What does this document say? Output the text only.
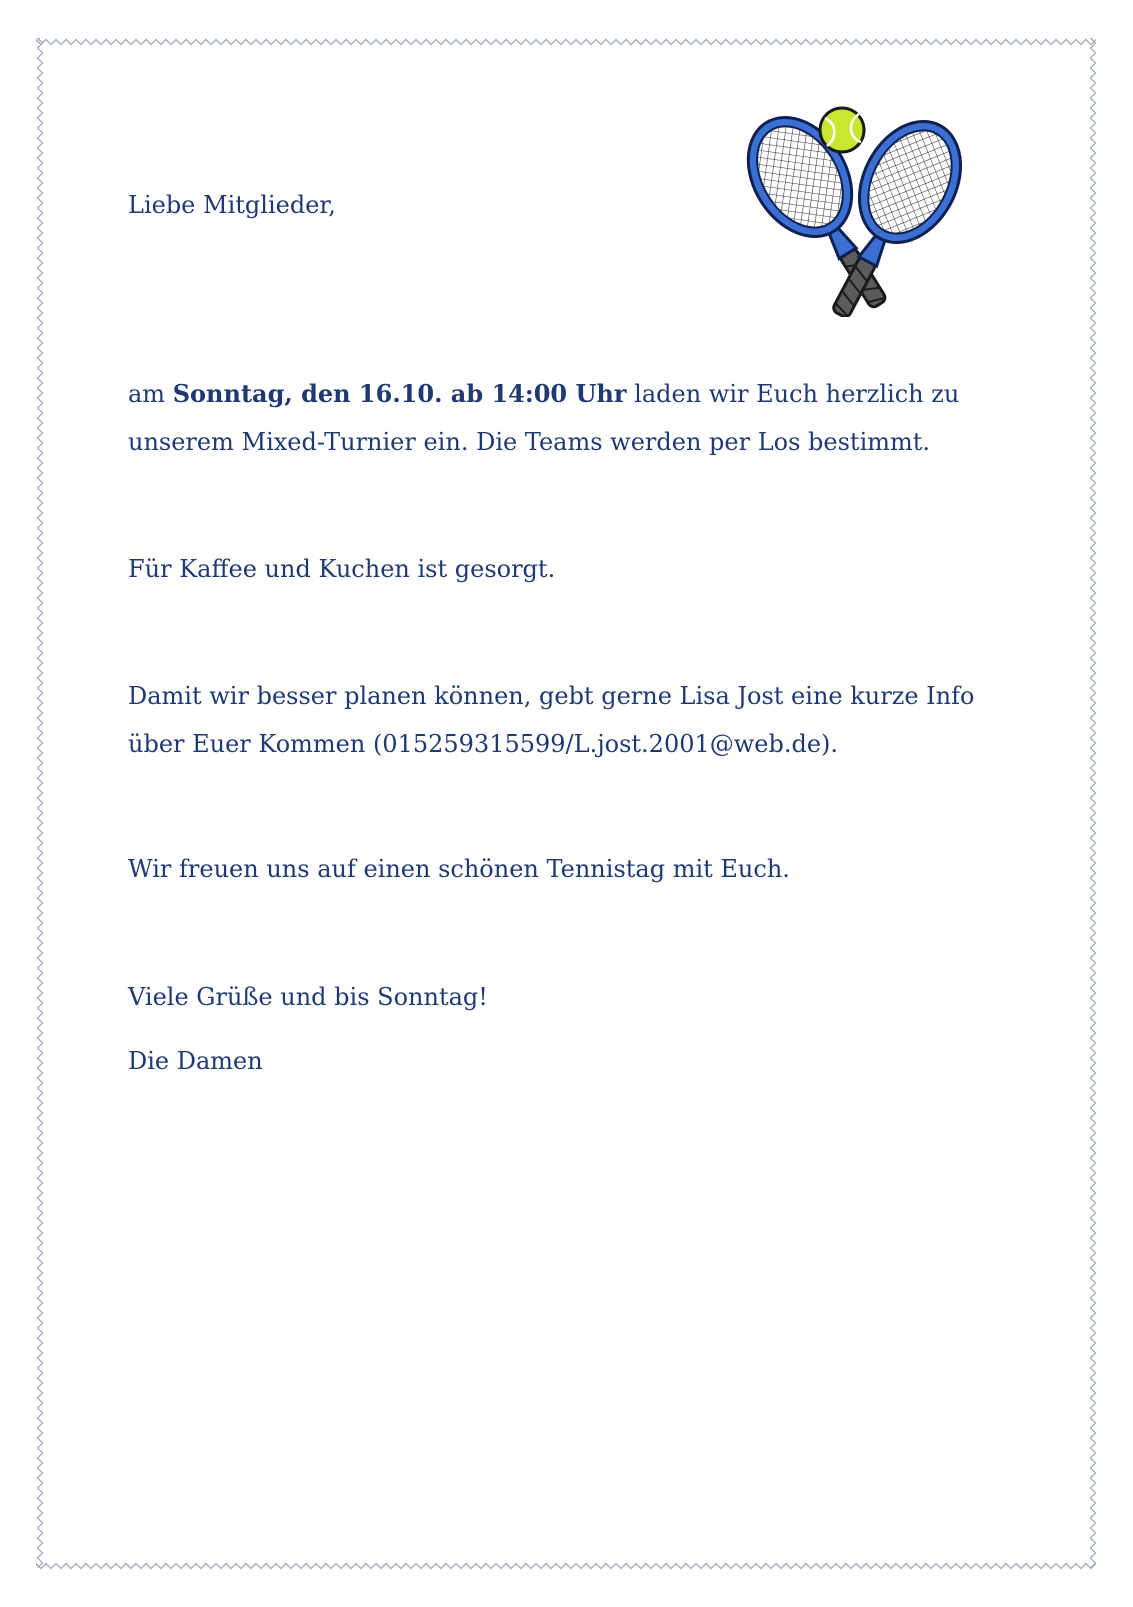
Liebe Mitglieder,

am Sonntag, den 16.10. ab 14:00 Uhr laden wir Euch herzlich zu

unserem Mixed-Turnier ein. Die Teams werden per Los bestimmt.

Für Kaffee und Kuchen ist gesorgt.

Damit wir besser planen können, gebt gerne Lisa Jost eine kurze Info

über Euer Kommen (015259315599/L.jost.2001@web.de).

Wir freuen uns auf einen schönen Tennistag mit Euch.

Viele Grüße und bis Sonntag!

Die Damen
